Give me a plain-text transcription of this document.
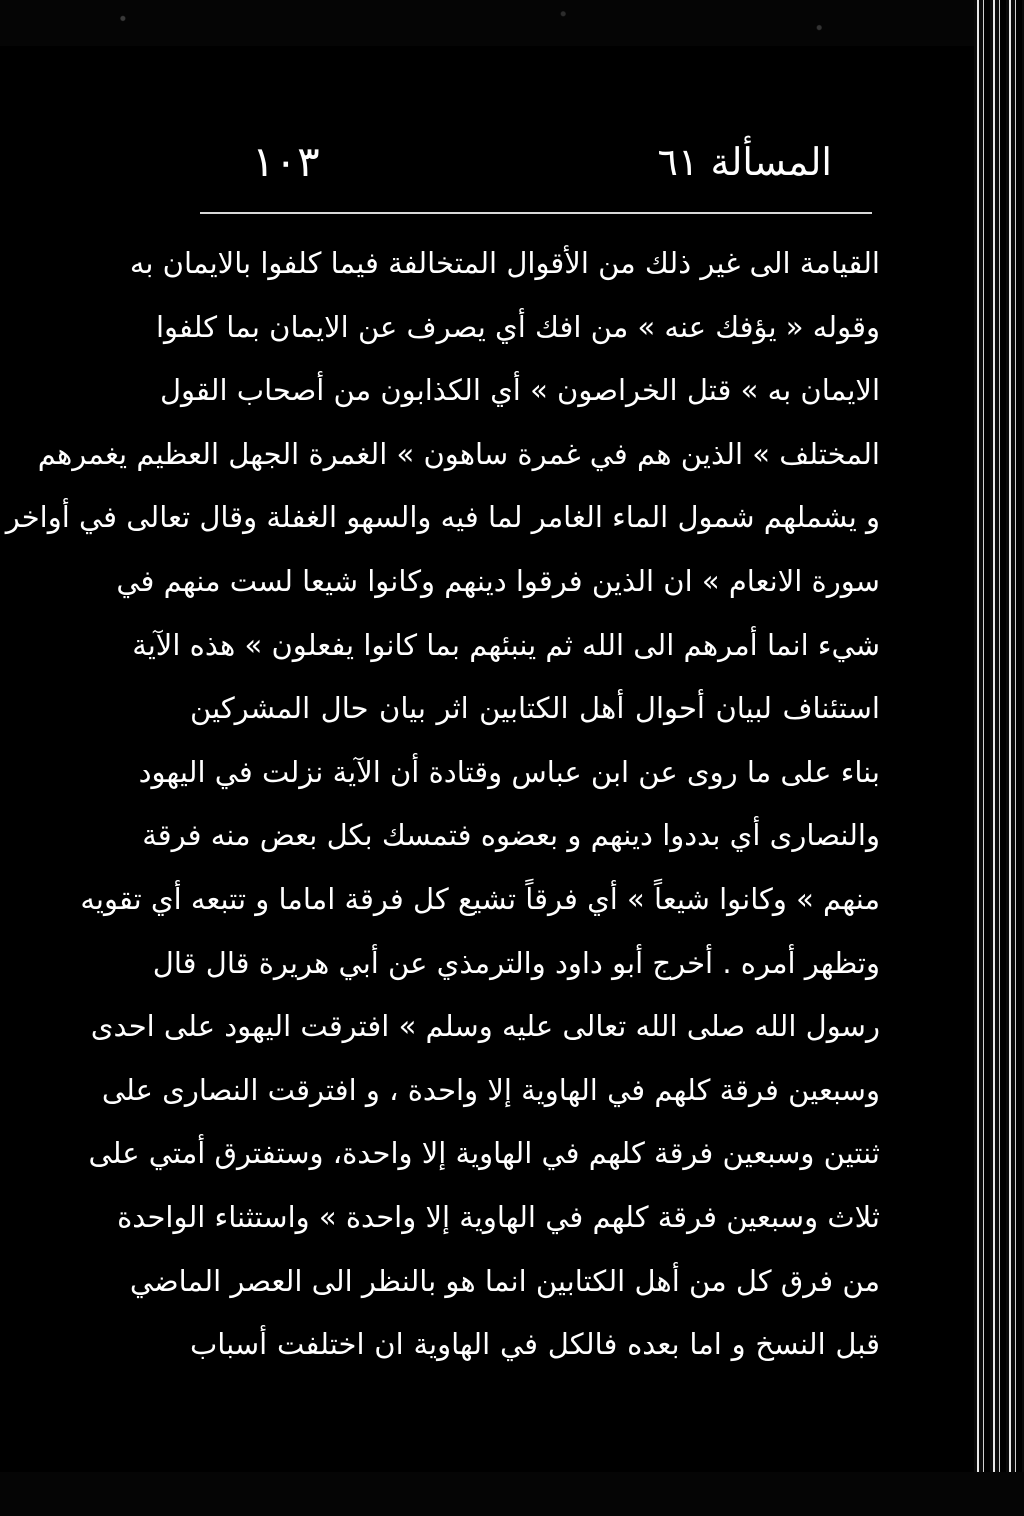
المسألة ٦١
١٠٣
القيامة الى غير ذلك من الأقوال المتخالفة فيما كلفوا بالايمان به
وقوله « يؤفك عنه » من افك أي يصرف عن الايمان بما كلفوا
الايمان به » قتل الخراصون » أي الكذابون من أصحاب القول
المختلف » الذين هم في غمرة ساهون » الغمرة الجهل العظيم يغمرهم
و يشملهم شمول الماء الغامر لما فيه والسهو الغفلة وقال تعالى في أواخر
سورة الانعام » ان الذين فرقوا دينهم وكانوا شيعا لست منهم في
شيء انما أمرهم الى الله ثم ينبئهم بما كانوا يفعلون » هذه الآية
استئناف لبيان أحوال أهل الكتابين اثر بيان حال المشركين
بناء على ما روى عن ابن عباس وقتادة أن الآية نزلت في اليهود
والنصارى أي بددوا دينهم و بعضوه فتمسك بكل بعض منه فرقة
منهم » وكانوا شيعاً » أي فرقاً تشيع كل فرقة اماما و تتبعه أي تقويه
وتظهر أمره . أخرج أبو داود والترمذي عن أبي هريرة قال قال
رسول الله صلى الله تعالى عليه وسلم » افترقت اليهود على احدى
وسبعين فرقة كلهم في الهاوية إلا واحدة ، و افترقت النصارى على
ثنتين وسبعين فرقة كلهم في الهاوية إلا واحدة، وستفترق أمتي على
ثلاث وسبعين فرقة كلهم في الهاوية إلا واحدة » واستثناء الواحدة
من فرق كل من أهل الكتابين انما هو بالنظر الى العصر الماضي
قبل النسخ و اما بعده فالكل في الهاوية ان اختلفت أسباب
